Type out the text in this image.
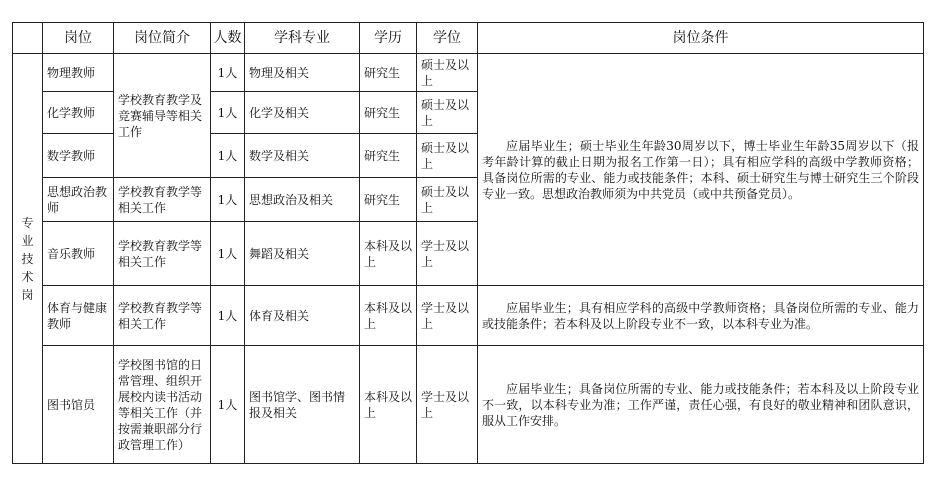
	岗位	岗位简介	人数	学科专业	学历	学位	岗位条件
专业技术岗	物理教师	学校教育教学及竞赛辅导等相关工作	1人	物理及相关	研究生	硕士及以上	应届毕业生；硕士毕业生年龄30周岁以下，博士毕业生年龄35周岁以下（报考年龄计算的截止日期为报名工作第一日）；具有相应学科的高级中学教师资格；具备岗位所需的专业、能力或技能条件；本科、硕士研究生与博士研究生三个阶段专业一致。思想政治教师须为中共党员（或中共预备党员）。
	化学教师		1人	化学及相关	研究生	硕士及以上	
	数学教师		1人	数学及相关	研究生	硕士及以上	
	思想政治教师	学校教育教学等相关工作	1人	思想政治及相关	研究生	硕士及以上	
	音乐教师	学校教育教学等相关工作	1人	舞蹈及相关	本科及以上	学士及以上	
	体育与健康教师	学校教育教学等相关工作	1人	体育及相关	本科及以上	学士及以上	应届毕业生；具有相应学科的高级中学教师资格；具备岗位所需的专业、能力或技能条件；若本科及以上阶段专业不一致，以本科专业为准。
	图书馆员	学校图书馆的日常管理、组织开展校内读书活动等相关工作（并按需兼职部分行政管理工作）	1人	图书馆学、图书情报及相关	本科及以上	学士及以上	应届毕业生；具备岗位所需的专业、能力或技能条件；若本科及以上阶段专业不一致，以本科专业为准；工作严谨，责任心强，有良好的敬业精神和团队意识，服从工作安排。
